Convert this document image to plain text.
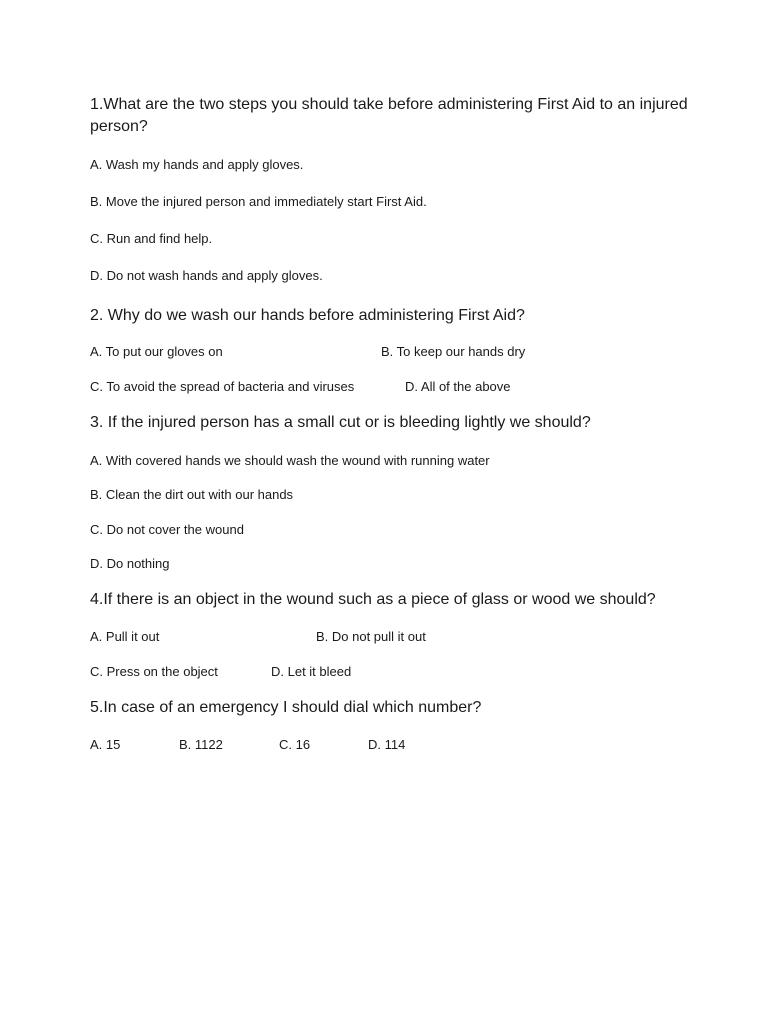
1.What are the two steps you should take before administering First Aid to an injured person?
A. Wash my hands and apply gloves.
B. Move the injured person and immediately start First Aid.
C. Run and find help.
D. Do not wash hands and apply gloves.
2. Why do we wash our hands before administering First Aid?
A. To put our gloves on	B. To keep our hands dry
C. To avoid the spread of bacteria and viruses	D. All of the above
3. If the injured person has a small cut or is bleeding lightly we should?
A. With covered hands we should wash the wound with running water
B. Clean the dirt out with our hands
C. Do not cover the wound
D. Do nothing
4.If there is an object in the wound such as a piece of glass or wood we should?
A. Pull it out	B. Do not pull it out
C. Press on the object	D. Let it bleed
5.In case of an emergency I should dial which number?
A. 15	B. 1122	C. 16	D. 114
